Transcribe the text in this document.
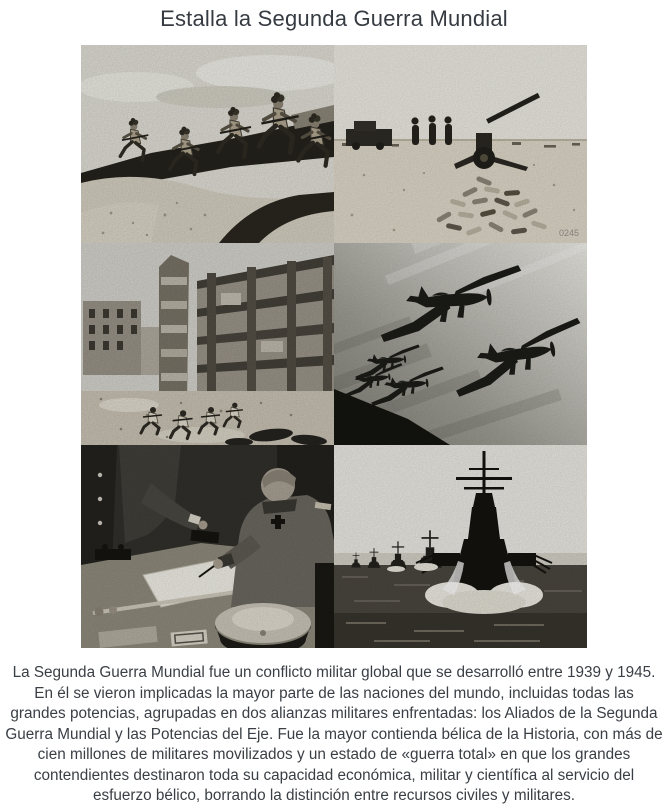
Estalla la Segunda Guerra Mundial
0245

La Segunda Guerra Mundial fue un conflicto militar global que se desarrolló entre 1939 y 1945. En él se vieron implicadas la mayor parte de las naciones del mundo, incluidas todas las grandes potencias, agrupadas en dos alianzas militares enfrentadas: los Aliados de la Segunda Guerra Mundial y las Potencias del Eje. Fue la mayor contienda bélica de la Historia, con más de cien millones de militares movilizados y un estado de «guerra total» en que los grandes contendientes destinaron toda su capacidad económica, militar y científica al servicio del esfuerzo bélico, borrando la distinción entre recursos civiles y militares.
